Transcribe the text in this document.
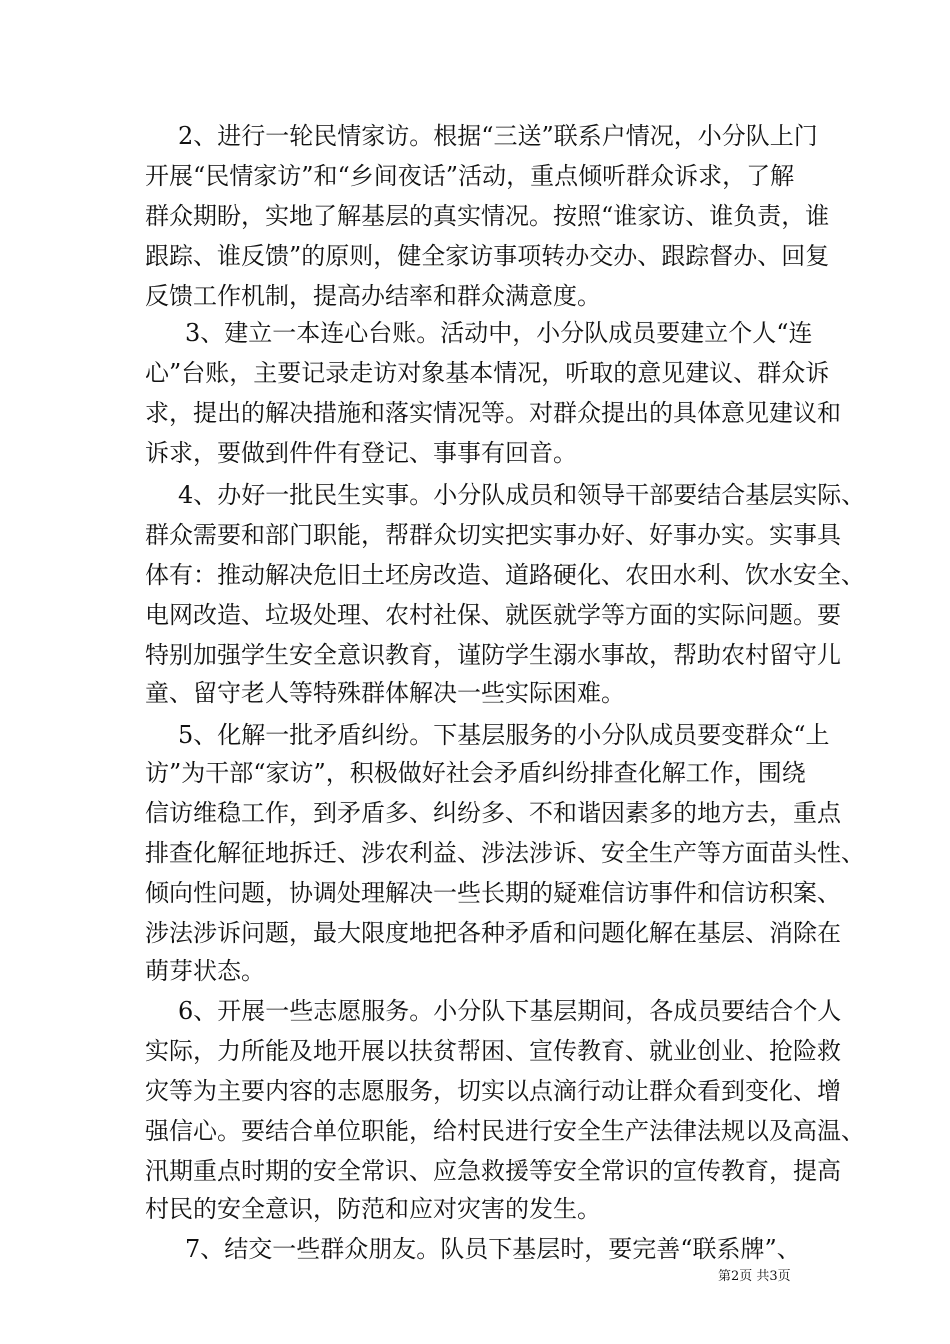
2、进行一轮民情家访。根据“三送”联系户情况，小分队上门
开展“民情家访”和“乡间夜话”活动，重点倾听群众诉求，了解
群众期盼，实地了解基层的真实情况。按照“谁家访、谁负责，谁
跟踪、谁反馈”的原则，健全家访事项转办交办、跟踪督办、回复
反馈工作机制，提高办结率和群众满意度。
3、建立一本连心台账。活动中，小分队成员要建立个人“连
心”台账，主要记录走访对象基本情况，听取的意见建议、群众诉
求，提出的解决措施和落实情况等。对群众提出的具体意见建议和
诉求，要做到件件有登记、事事有回音。
4、办好一批民生实事。小分队成员和领导干部要结合基层实际、
群众需要和部门职能，帮群众切实把实事办好、好事办实。实事具
体有：推动解决危旧土坯房改造、道路硬化、农田水利、饮水安全、
电网改造、垃圾处理、农村社保、就医就学等方面的实际问题。要
特别加强学生安全意识教育，谨防学生溺水事故，帮助农村留守儿
童、留守老人等特殊群体解决一些实际困难。
5、化解一批矛盾纠纷。下基层服务的小分队成员要变群众“上
访”为干部“家访”，积极做好社会矛盾纠纷排查化解工作，围绕
信访维稳工作，到矛盾多、纠纷多、不和谐因素多的地方去，重点
排查化解征地拆迁、涉农利益、涉法涉诉、安全生产等方面苗头性、
倾向性问题，协调处理解决一些长期的疑难信访事件和信访积案、
涉法涉诉问题，最大限度地把各种矛盾和问题化解在基层、消除在
萌芽状态。
6、开展一些志愿服务。小分队下基层期间，各成员要结合个人
实际，力所能及地开展以扶贫帮困、宣传教育、就业创业、抢险救
灾等为主要内容的志愿服务，切实以点滴行动让群众看到变化、增
强信心。要结合单位职能，给村民进行安全生产法律法规以及高温、
汛期重点时期的安全常识、应急救援等安全常识的宣传教育，提高
村民的安全意识，防范和应对灾害的发生。
7、结交一些群众朋友。队员下基层时，要完善“联系牌”、
第2页 共3页
